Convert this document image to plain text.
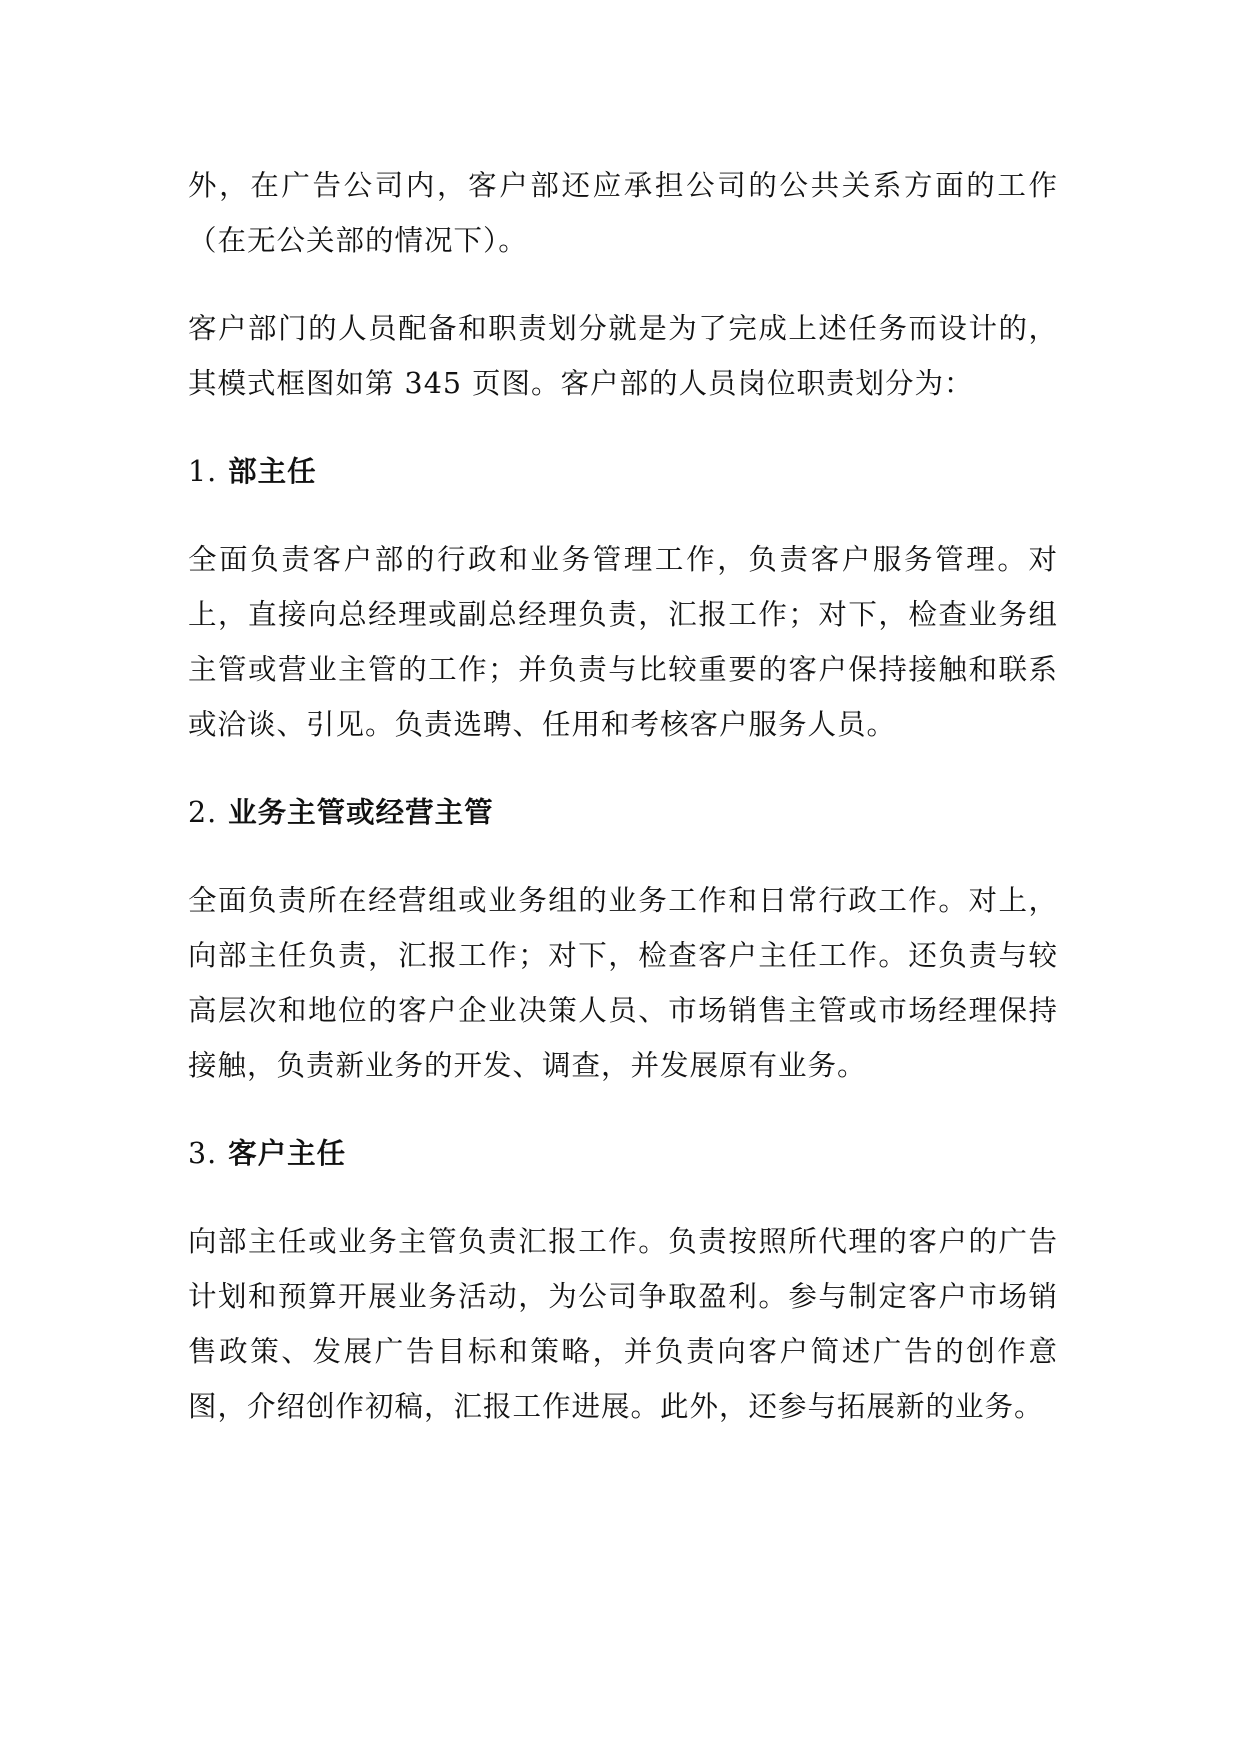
外，在广告公司内，客户部还应承担公司的公共关系方面的工作（在无公关部的情况下）。

客户部门的人员配备和职责划分就是为了完成上述任务而设计的，其模式框图如第 345 页图。客户部的人员岗位职责划分为：

1. 部主任

全面负责客户部的行政和业务管理工作，负责客户服务管理。对上，直接向总经理或副总经理负责，汇报工作；对下，检查业务组主管或营业主管的工作；并负责与比较重要的客户保持接触和联系或洽谈、引见。负责选聘、任用和考核客户服务人员。

2. 业务主管或经营主管

全面负责所在经营组或业务组的业务工作和日常行政工作。对上，向部主任负责，汇报工作；对下，检查客户主任工作。还负责与较高层次和地位的客户企业决策人员、市场销售主管或市场经理保持接触，负责新业务的开发、调查，并发展原有业务。

3. 客户主任

向部主任或业务主管负责汇报工作。负责按照所代理的客户的广告计划和预算开展业务活动，为公司争取盈利。参与制定客户市场销售政策、发展广告目标和策略，并负责向客户简述广告的创作意图，介绍创作初稿，汇报工作进展。此外，还参与拓展新的业务。
